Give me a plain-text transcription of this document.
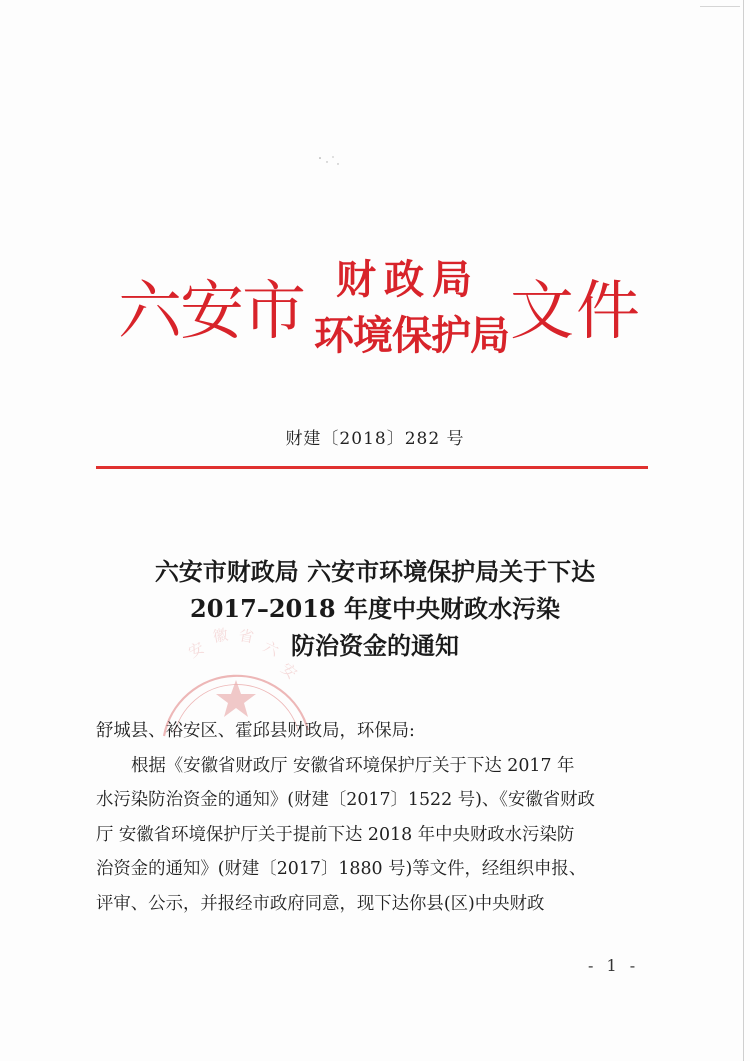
六安市 财政局
环境保护局 文件
财建〔2018〕282 号
安
徽 省
六
安
六安市财政局 六安市环境保护局关于下达
2017–2018 年度中央财政水污染
防治资金的通知
舒城县、裕安区、霍邱县财政局，环保局:
根据《安徽省财政厅 安徽省环境保护厅关于下达 2017 年
水污染防治资金的通知》(财建〔2017〕1522 号)、《安徽省财政
厅 安徽省环境保护厅关于提前下达 2018 年中央财政水污染防
治资金的通知》(财建〔2017〕1880 号)等文件，经组织申报、
评审、公示，并报经市政府同意，现下达你县(区)中央财政
- 1 -
